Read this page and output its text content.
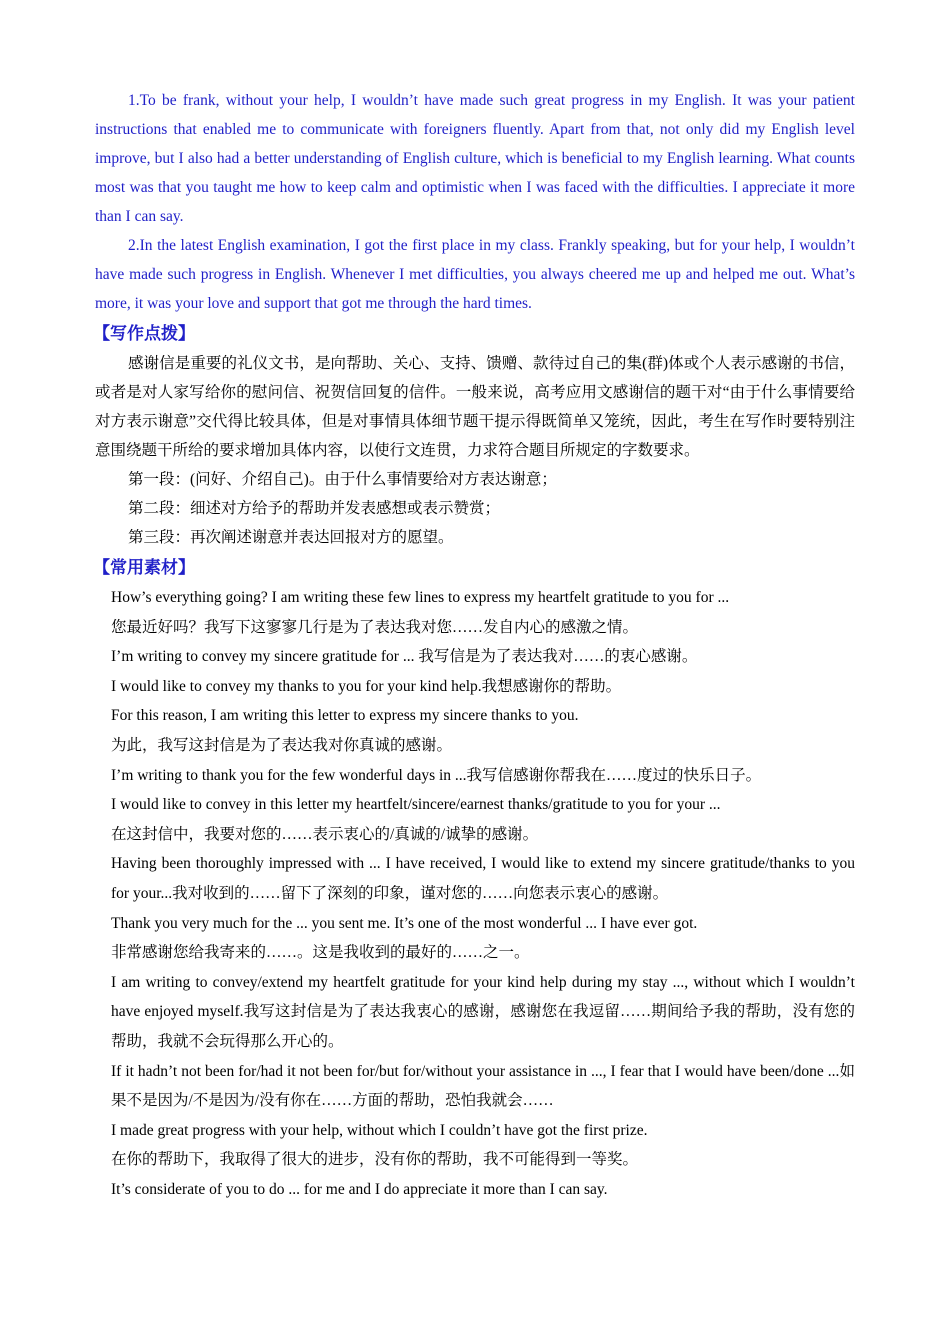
1.To be frank, without your help, I wouldn’t have made such great progress in my English. It was your patient instructions that enabled me to communicate with foreigners fluently. Apart from that, not only did my English level improve, but I also had a better understanding of English culture, which is beneficial to my English learning. What counts most was that you taught me how to keep calm and optimistic when I was faced with the difficulties. I appreciate it more than I can say.

2.In the latest English examination, I got the first place in my class. Frankly speaking, but for your help, I wouldn’t have made such progress in English. Whenever I met difficulties, you always cheered me up and helped me out. What’s more, it was your love and support that got me through the hard times.

【写作点拨】

感谢信是重要的礼仪文书，是向帮助、关心、支持、馈赠、款待过自己的集(群)体或个人表示感谢的书信，或者是对人家写给你的慰问信、祝贺信回复的信件。一般来说，高考应用文感谢信的题干对“由于什么事情要给对方表示谢意”交代得比较具体，但是对事情具体细节题干提示得既简单又笼统，因此，考生在写作时要特别注意围绕题干所给的要求增加具体内容，以使行文连贯，力求符合题目所规定的字数要求。

第一段：(问好、介绍自己)。由于什么事情要给对方表达谢意；

第二段：细述对方给予的帮助并发表感想或表示赞赏；

第三段：再次阐述谢意并表达回报对方的愿望。

【常用素材】

How’s everything going? I am writing these few lines to express my heartfelt gratitude to you for ...

您最近好吗？我写下这寥寥几行是为了表达我对您……发自内心的感激之情。

I’m writing to convey my sincere gratitude for ... 我写信是为了表达我对……的衷心感谢。

I would like to convey my thanks to you for your kind help.我想感谢你的帮助。

For this reason, I am writing this letter to express my sincere thanks to you.

为此，我写这封信是为了表达我对你真诚的感谢。

I’m writing to thank you for the few wonderful days in ...我写信感谢你帮我在……度过的快乐日子。

I would like to convey in this letter my heartfelt/sincere/earnest thanks/gratitude to you for your ...

在这封信中，我要对您的……表示衷心的/真诚的/诚挚的感谢。

Having been thoroughly impressed with ... I have received, I would like to extend my sincere gratitude/thanks to you for your...我对收到的……留下了深刻的印象，谨对您的……向您表示衷心的感谢。

Thank you very much for the ... you sent me. It’s one of the most wonderful ... I have ever got.

非常感谢您给我寄来的……。这是我收到的最好的……之一。

I am writing to convey/extend my heartfelt gratitude for your kind help during my stay ..., without which I wouldn’t have enjoyed myself.我写这封信是为了表达我衷心的感谢，感谢您在我逗留……期间给予我的帮助，没有您的帮助，我就不会玩得那么开心的。

If it hadn’t not been for/had it not been for/but for/without your assistance in ..., I fear that I would have been/done ...如果不是因为/不是因为/没有你在……方面的帮助，恐怕我就会……

I made great progress with your help, without which I couldn’t have got the first prize.

在你的帮助下，我取得了很大的进步，没有你的帮助，我不可能得到一等奖。

It’s considerate of you to do ... for me and I do appreciate it more than I can say.
